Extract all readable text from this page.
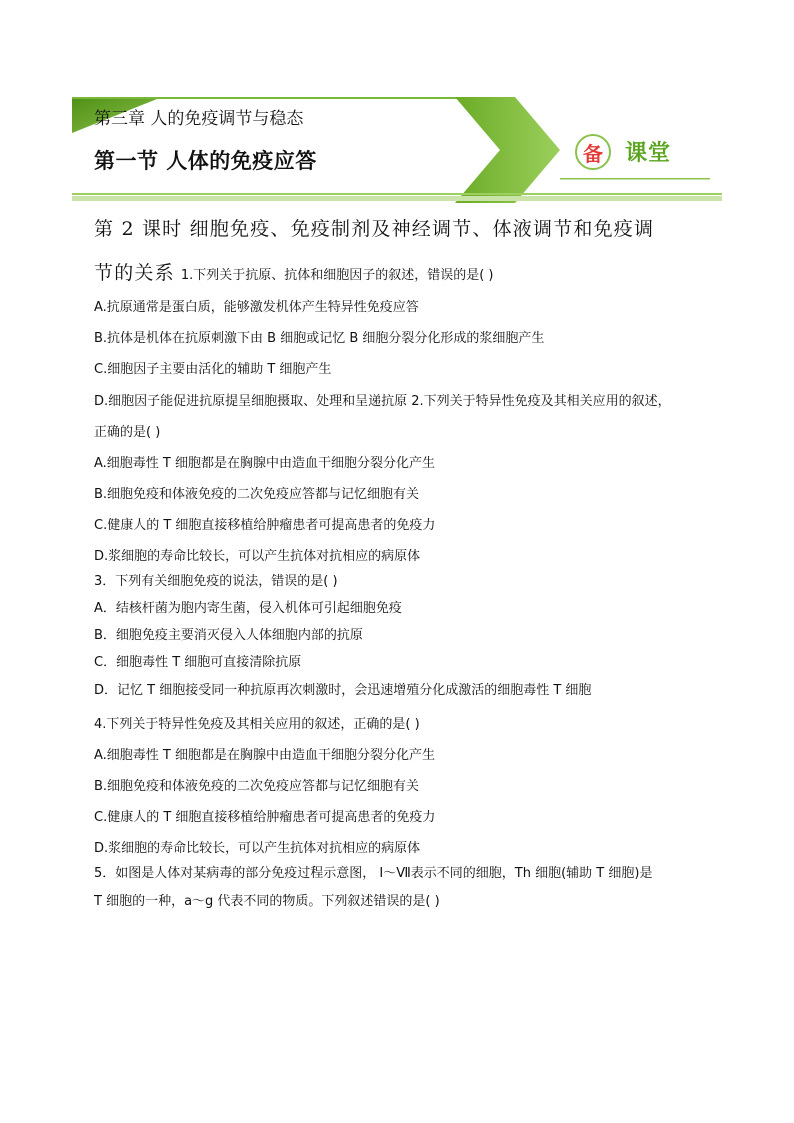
第三章 人的免疫调节与稳态
第一节 人体的免疫应答	备 课堂
第 2 课时 细胞免疫、免疫制剂及神经调节、体液调节和免疫调
节的关系 1.下列关于抗原、抗体和细胞因子的叙述，错误的是( )
A.抗原通常是蛋白质，能够激发机体产生特异性免疫应答
B.抗体是机体在抗原刺激下由 B 细胞或记忆 B 细胞分裂分化形成的浆细胞产生
C.细胞因子主要由活化的辅助 T 细胞产生
D.细胞因子能促进抗原提呈细胞摄取、处理和呈递抗原 2.下列关于特异性免疫及其相关应用的叙述，
正确的是( )
A.细胞毒性 T 细胞都是在胸腺中由造血干细胞分裂分化产生
B.细胞免疫和体液免疫的二次免疫应答都与记忆细胞有关
C.健康人的 T 细胞直接移植给肿瘤患者可提高患者的免疫力
D.浆细胞的寿命比较长，可以产生抗体对抗相应的病原体
3．下列有关细胞免疫的说法，错误的是( )
A．结核杆菌为胞内寄生菌，侵入机体可引起细胞免疫
B．细胞免疫主要消灭侵入人体细胞内部的抗原
C．细胞毒性 T 细胞可直接清除抗原
D．记忆 T 细胞接受同一种抗原再次刺激时，会迅速增殖分化成激活的细胞毒性 T 细胞
4.下列关于特异性免疫及其相关应用的叙述，正确的是( )
A.细胞毒性 T 细胞都是在胸腺中由造血干细胞分裂分化产生
B.细胞免疫和体液免疫的二次免疫应答都与记忆细胞有关
C.健康人的 T 细胞直接移植给肿瘤患者可提高患者的免疫力
D.浆细胞的寿命比较长，可以产生抗体对抗相应的病原体
5．如图是人体对某病毒的部分免疫过程示意图， Ⅰ～Ⅶ表示不同的细胞，Th 细胞(辅助 T 细胞)是
T 细胞的一种，a～g 代表不同的物质。下列叙述错误的是( )
